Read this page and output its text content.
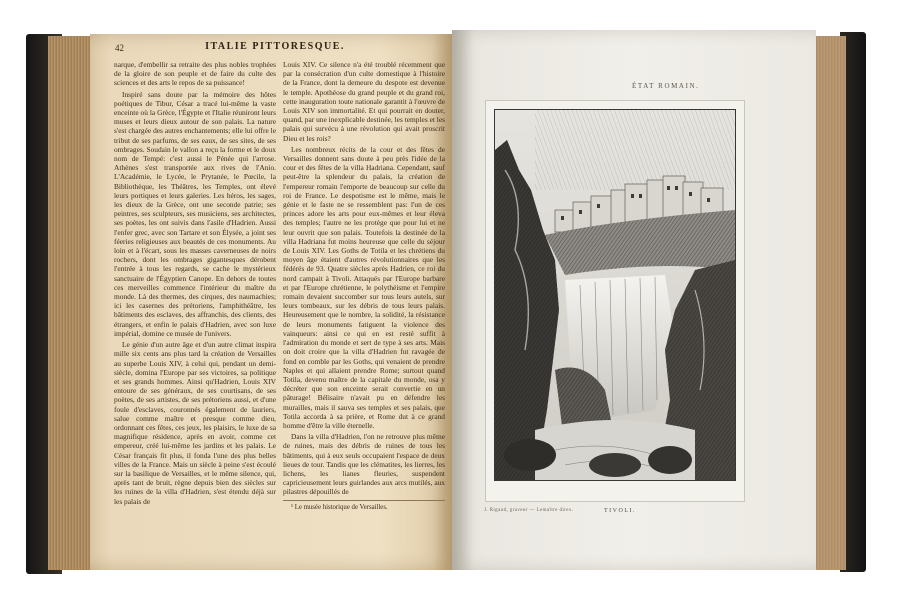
42	ITALIE PITTORESQUE.

narque, d'embellir sa retraite des plus nobles trophées de la gloire de son peuple et de faire du culte des sciences et des arts le repos de sa puissance!

Inspiré sans doute par la mémoire des hôtes poétiques de Tibur, César a tracé lui-même la vaste enceinte où la Grèce, l'Égypte et l'Italie réuniront leurs muses et leurs dieux autour de son palais. La nature s'est chargée des autres enchantements; elle lui offre le tribut de ses parfums, de ses eaux, de ses sites, de ses ombrages. Soudain le vallon a reçu la forme et le doux nom de Tempé: c'est aussi le Pénée qui l'arrose. Athènes s'est transportée aux rives de l'Anio. L'Académie, le Lycée, le Prytanée, le Pœcile, la Bibliothèque, les Théâtres, les Temples, ont élevé leurs portiques et leurs galeries. Les héros, les sages, les dieux de la Grèce, ont une seconde patrie; ses peintres, ses sculpteurs, ses musiciens, ses architectes, ses poètes, les ont suivis dans l'asile d'Hadrien. Aussi l'enfer grec, avec son Tartare et son Élysée, a joint ses féeries religieuses aux beautés de ces monuments. Au loin et à l'écart, sous les masses caverneuses de noirs rochers, dont les ombrages gigantesques dérobent l'entrée à tous les regards, se cache le mystérieux sanctuaire de l'Égyptien Canope. En dehors de toutes ces merveilles commence l'intérieur du maître du monde. Là des thermes, des cirques, des naumachies; ici les casernes des prétoriens, l'amphithéâtre, les bâtiments des esclaves, des affranchis, des clients, des étrangers, et enfin le palais d'Hadrien, avec son luxe impérial, domine ce musée de l'univers.

Le génie d'un autre âge et d'un autre climat inspira mille six cents ans plus tard la création de Versailles au superbe Louis XIV, à celui qui, pendant un demi-siècle, domina l'Europe par ses victoires, sa politique et ses grands hommes. Ainsi qu'Hadrien, Louis XIV entoure de ses généraux, de ses courtisans, de ses poètes, de ses artistes, de ses prétoriens aussi, et d'une foule d'esclaves, couronnés également de lauriers, salue comme maître et presque comme dieu, ordonnant ces fêtes, ces jeux, les plaisirs, le luxe de sa magnifique résidence, après en avoir, comme cet empereur, créé lui-même les jardins et les palais. Le César français fit plus, il fonda l'une des plus belles villes de la France. Mais un siècle à peine s'est écoulé sur la basilique de Versailles, et le même silence, qui, après tant de bruit, règne depuis bien des siècles sur les ruines de la villa d'Hadrien, s'est étendu déjà sur les palais de

Louis XIV. Ce silence n'a été troublé récemment que par la consécration d'un culte domestique à l'histoire de la France, dont la demeure du despote est devenue le temple. Apothéose du grand peuple et du grand roi, cette inauguration toute nationale garantit à l'œuvre de Louis XIV son immortalité. Et qui pourrait en douter, quand, par une inexplicable destinée, les temples et les palais qui survécu à une révolution qui avait proscrit Dieu et les rois?

Les nombreux récits de la cour et des fêtes de Versailles donnent sans doute à peu près l'idée de la cour et des fêtes de la villa Hadriana. Cependant, sauf peut-être la splendeur du palais, la création de l'empereur romain l'emporte de beaucoup sur celle du roi de France. Le despotisme est le même, mais le génie et le faste ne se ressemblent pas: l'un de ces princes adore les arts pour eux-mêmes et leur éleva des temples; l'autre ne les protège que pour lui et ne leur ouvrit que son palais. Toutefois la destinée de la villa Hadriana fut moins heureuse que celle du séjour de Louis XIV. Les Goths de Totila et les chrétiens du moyen âge étaient d'autres révolutionnaires que les fédérés de 93. Quatre siècles après Hadrien, ce roi du nord campait à Tivoli. Attaqués par l'Europe barbare et par l'Europe chrétienne, le polythéisme et l'empire romain devaient succomber sur tous leurs autels, sur leurs tombeaux, sur les débris de tous leurs palais. Heureusement que le nombre, la solidité, la résistance de leurs monuments fatiguent la violence des vainqueurs: ainsi ce qui en est resté suffit à l'admiration du monde et sert de type à ses arts. Mais on doit croire que la villa d'Hadrien fut ravagée de fond en comble par les Goths, qui venaient de prendre Naples et qui allaient prendre Rome; surtout quand Totila, devenu maître de la capitale du monde, osa y décréter que son enceinte serait convertie en un pâturage! Bélisaire n'avait pu en défendre les murailles, mais il sauva ses temples et ses palais, que Totila accorda à sa prière, et Rome dut à ce grand homme d'être la ville éternelle.

Dans la villa d'Hadrien, l'on ne retrouve plus même de ruines, mais des débris de ruines de tous les bâtiments, qui à eux seuls occupaient l'espace de deux lieues de tour. Tandis que les clématites, les lierres, les lichens, les lianes fleuries, suspendent capricieusement leurs guirlandes aux arcs mutilés, aux pilastres dépouillés de

¹ Le musée historique de Versailles.

ÉTAT ROMAIN.
J. Rigaud, graveur — Lemaître direx.	TIVOLI.
